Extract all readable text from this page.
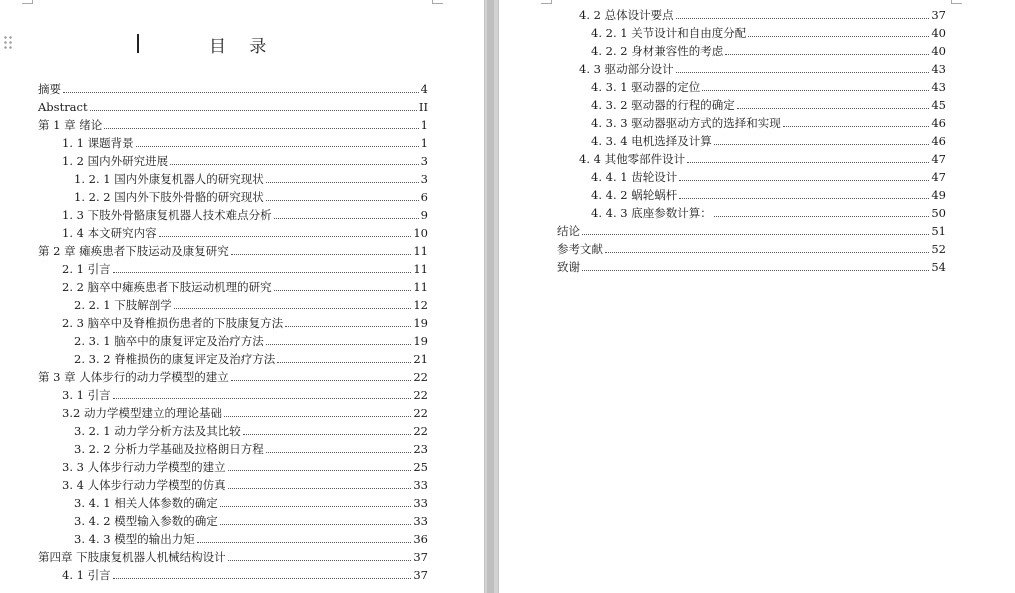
目 录
摘要	4
Abstract	II
第 1 章 绪论	1
1. 1 课题背景	1
1. 2 国内外研究进展	3
1. 2. 1 国内外康复机器人的研究现状	3
1. 2. 2 国内外下肢外骨骼的研究现状	6
1. 3 下肢外骨骼康复机器人技术难点分析	9
1. 4 本文研究内容	10
第 2 章 瘫痪患者下肢运动及康复研究	11
2. 1 引言	11
2. 2 脑卒中瘫痪患者下肢运动机理的研究	11
2. 2. 1 下肢解剖学	12
2. 3 脑卒中及脊椎损伤患者的下肢康复方法	19
2. 3. 1 脑卒中的康复评定及治疗方法	19
2. 3. 2 脊椎损伤的康复评定及治疗方法	21
第 3 章 人体步行的动力学模型的建立	22
3. 1 引言	22
3.2 动力学模型建立的理论基础	22
3. 2. 1 动力学分析方法及其比较	22
3. 2. 2 分析力学基础及拉格朗日方程	23
3. 3 人体步行动力学模型的建立	25
3. 4 人体步行动力学模型的仿真	33
3. 4. 1 相关人体参数的确定	33
3. 4. 2 模型输入参数的确定	33
3. 4. 3 模型的输出力矩	36
第四章 下肢康复机器人机械结构设计	37
4. 1 引言	37
4. 2 总体设计要点	37
4. 2. 1 关节设计和自由度分配	40
4. 2. 2 身材兼容性的考虑	40
4. 3 驱动部分设计	43
4. 3. 1 驱动器的定位	43
4. 3. 2 驱动器的行程的确定	45
4. 3. 3 驱动器驱动方式的选择和实现	46
4. 3. 4 电机选择及计算	46
4. 4 其他零部件设计	47
4. 4. 1 齿轮设计	47
4. 4. 2 蜗轮蜗杆	49
4. 4. 3 底座参数计算：	50
结论	51
参考文献	52
致谢	54
